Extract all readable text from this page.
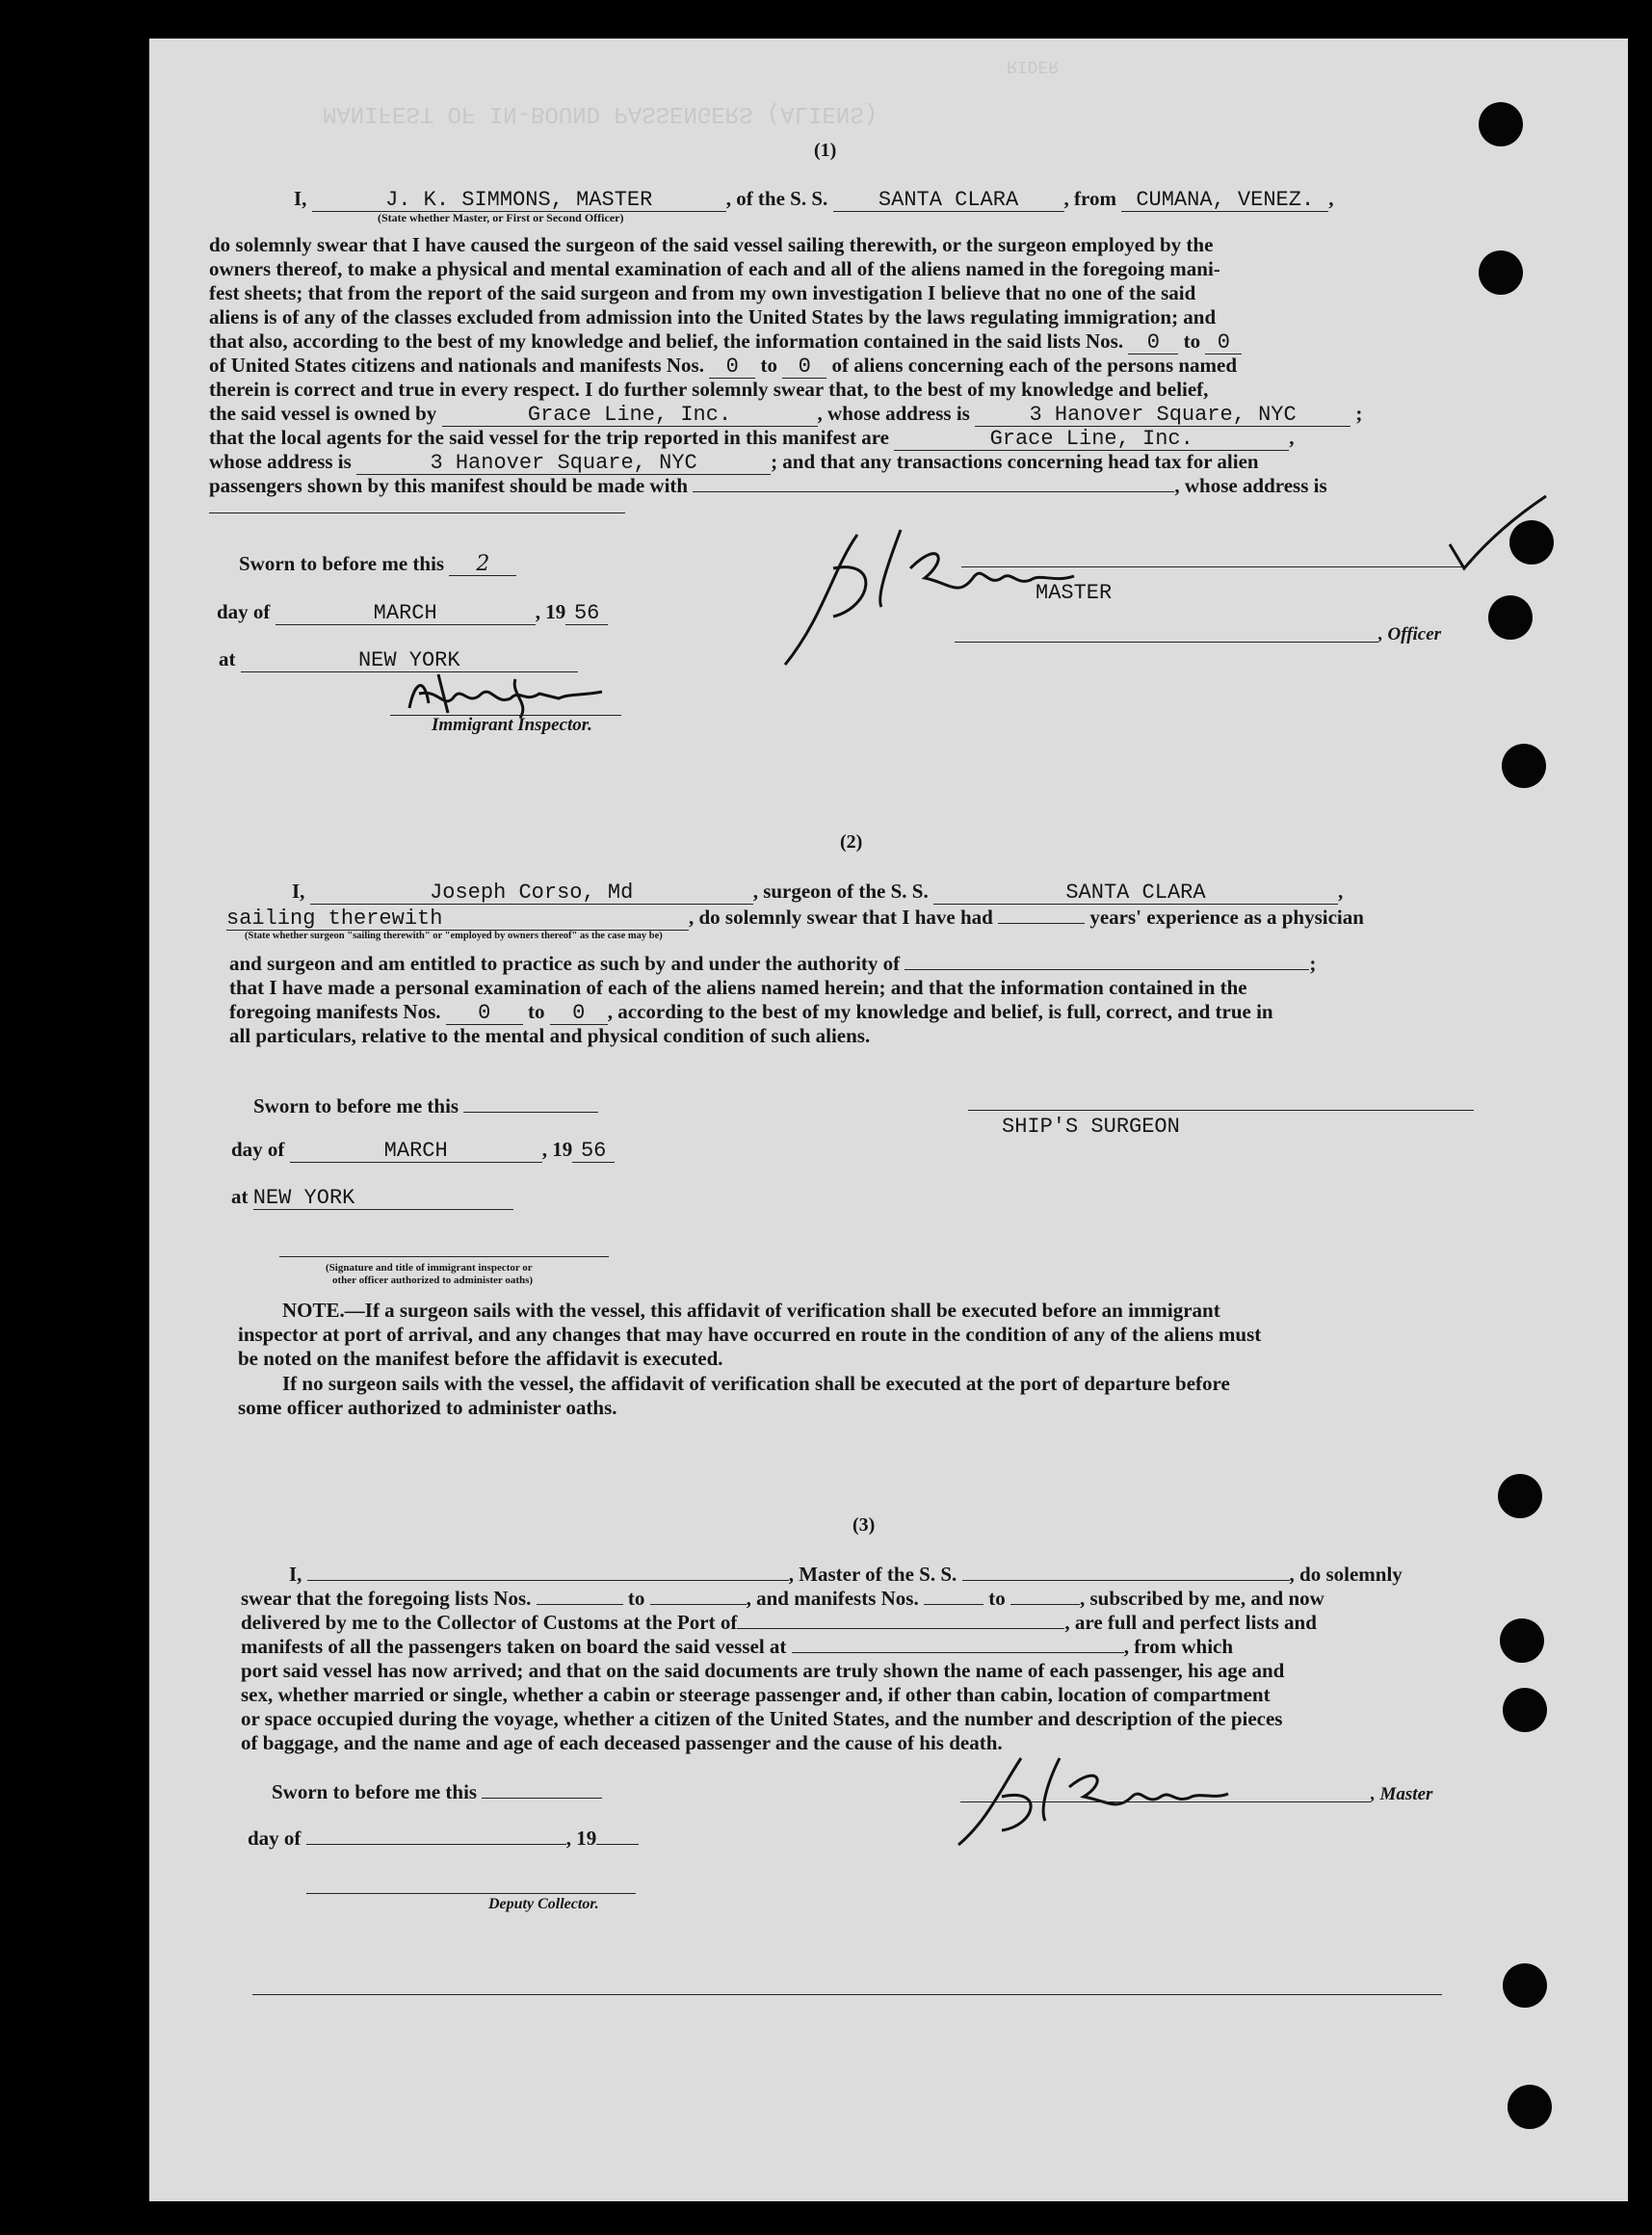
MANIFEST OF IN-BOUND PASSENGERS (ALIENS)
RIDER
(1)
I,	J. K. SIMMONS, MASTER	, of the S. S. SANTA CLARA , from CUMANA, VENEZ. ,
(State whether Master, or First or Second Officer)
do solemnly swear that I have caused the surgeon of the said vessel sailing therewith, or the surgeon employed by the
owners thereof, to make a physical and mental examination of each and all of the aliens named in the foregoing mani-
fest sheets; that from the report of the said surgeon and from my own investigation I believe that no one of the said
aliens is of any of the classes excluded from admission into the United States by the laws regulating immigration; and
that also, according to the best of my knowledge and belief, the information contained in the said lists Nos. 0 to 0
of United States citizens and nationals and manifests Nos. 0 to 0 of aliens concerning each of the persons named
therein is correct and true in every respect. I do further solemnly swear that, to the best of my knowledge and belief,
the said vessel is owned by	Grace Line, Inc.	, whose address is	3 Hanover Square, NYC	;
that the local agents for the said vessel for the trip reported in this manifest are	Grace Line, Inc.	,
whose address is	3 Hanover Square, NYC	; and that any transactions concerning head tax for alien
passengers shown by this manifest should be made with	, whose address is
Sworn to before me this 2
day of	MARCH	, 19 56
at	NEW YORK
Immigrant Inspector.
MASTER
, Officer
(2)
I,	Joseph Corso, Md	, surgeon of the S. S.	SANTA CLARA	,
sailing therewith	, do solemnly swear that I have had	years' experience as a physician
(State whether surgeon "sailing therewith" or "employed by owners thereof" as the case may be)
and surgeon and am entitled to practice as such by and under the authority of	;
that I have made a personal examination of each of the aliens named herein; and that the information contained in the
foregoing manifests Nos. 0 to 0 , according to the best of my knowledge and belief, is full, correct, and true in
all particulars, relative to the mental and physical condition of such aliens.
Sworn to before me this
SHIP'S SURGEON
day of	MARCH	, 19 56
at NEW YORK
(Signature and title of immigrant inspector or
other officer authorized to administer oaths)
NOTE.—If a surgeon sails with the vessel, this affidavit of verification shall be executed before an immigrant
inspector at port of arrival, and any changes that may have occurred en route in the condition of any of the aliens must
be noted on the manifest before the affidavit is executed.
If no surgeon sails with the vessel, the affidavit of verification shall be executed at the port of departure before
some officer authorized to administer oaths.
(3)
I,	, Master of the S. S.	, do solemnly
swear that the foregoing lists Nos.	to	, and manifests Nos.	to	, subscribed by me, and now
delivered by me to the Collector of Customs at the Port of	, are full and perfect lists and
manifests of all the passengers taken on board the said vessel at	, from which
port said vessel has now arrived; and that on the said documents are truly shown the name of each passenger, his age and
sex, whether married or single, whether a cabin or steerage passenger and, if other than cabin, location of compartment
or space occupied during the voyage, whether a citizen of the United States, and the number and description of the pieces
of baggage, and the name and age of each deceased passenger and the cause of his death.
Sworn to before me this	, Master
day of	, 19
Deputy Collector.
